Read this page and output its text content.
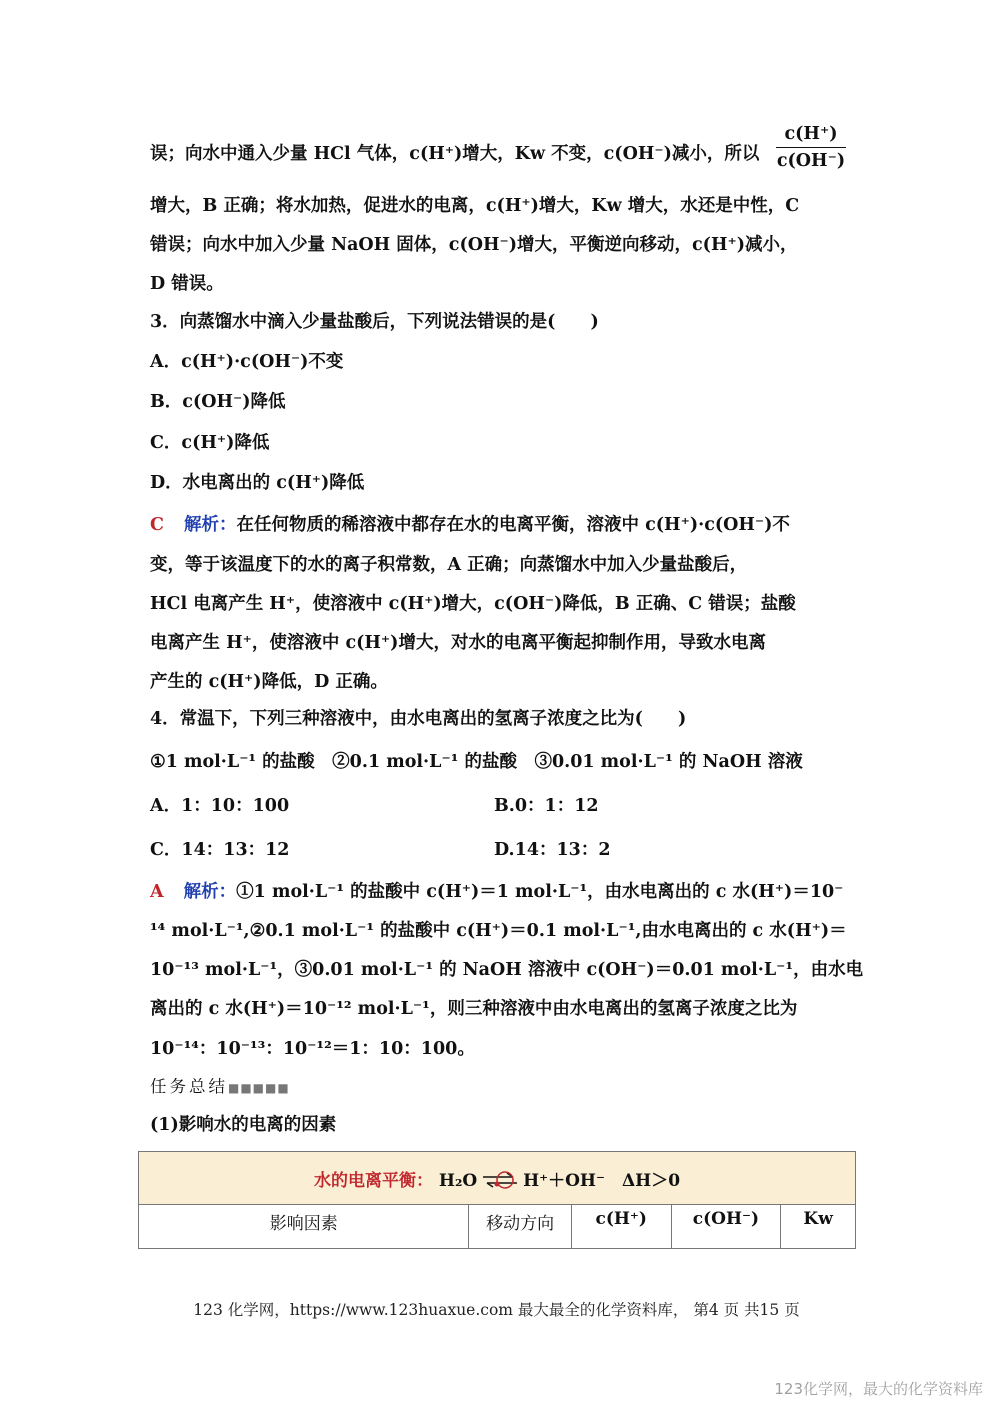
误；向水中通入少量 HCl 气体，c(H⁺)增大，Kw 不变，c(OH⁻)减小，所以
增大，B 正确；将水加热，促进水的电离，c(H⁺)增大，Kw 增大，水还是中性，C
错误；向水中加入少量 NaOH 固体，c(OH⁻)增大，平衡逆向移动，c(H⁺)减小，
D 错误。
3．向蒸馏水中滴入少量盐酸后，下列说法错误的是(　　)
A．c(H⁺)·c(OH⁻)不变
B．c(OH⁻)降低
C．c(H⁺)降低
D．水电离出的 c(H⁺)降低
变，等于该温度下的水的离子积常数，A 正确；向蒸馏水中加入少量盐酸后，
HCl 电离产生 H⁺，使溶液中 c(H⁺)增大，c(OH⁻)降低，B 正确、C 错误；盐酸
电离产生 H⁺，使溶液中 c(H⁺)增大，对水的电离平衡起抑制作用，导致水电离
产生的 c(H⁺)降低，D 正确。
4．常温下，下列三种溶液中，由水电离出的氢离子浓度之比为(　　)
①1 mol·L⁻¹ 的盐酸　②0.1 mol·L⁻¹ 的盐酸　③0.01 mol·L⁻¹ 的 NaOH 溶液
¹⁴ mol·L⁻¹,②0.1 mol·L⁻¹ 的盐酸中 c(H⁺)＝0.1 mol·L⁻¹,由水电离出的 c 水(H⁺)＝
10⁻¹³ mol·L⁻¹，③0.01 mol·L⁻¹ 的 NaOH 溶液中 c(OH⁻)＝0.01 mol·L⁻¹，由水电
离出的 c 水(H⁺)＝10⁻¹² mol·L⁻¹，则三种溶液中由水电离出的氢离子浓度之比为
10⁻¹⁴：10⁻¹³：10⁻¹²＝1：10：100。
(1)影响水的电离的因素
c(H⁺)
c(OH⁻)
C 解析：在任何物质的稀溶液中都存在水的电离平衡，溶液中 c(H⁺)·c(OH⁻)不
A．1：10：100	B.0：1：12
C．14：13：12	D.14：13：2
A 解析：①1 mol·L⁻¹ 的盐酸中 c(H⁺)＝1 mol·L⁻¹，由水电离出的 c 水(H⁺)＝10⁻
任务总结■■■■■
水的电离平衡： H₂O ⇌ H⁺＋OH⁻　ΔH＞0
影响因素	移动方向	c(H⁺)	c(OH⁻)	Kw
123 化学网，https://www.123huaxue.com 最大最全的化学资料库， 第4 页 共15 页
123化学网，最大的化学资料库
